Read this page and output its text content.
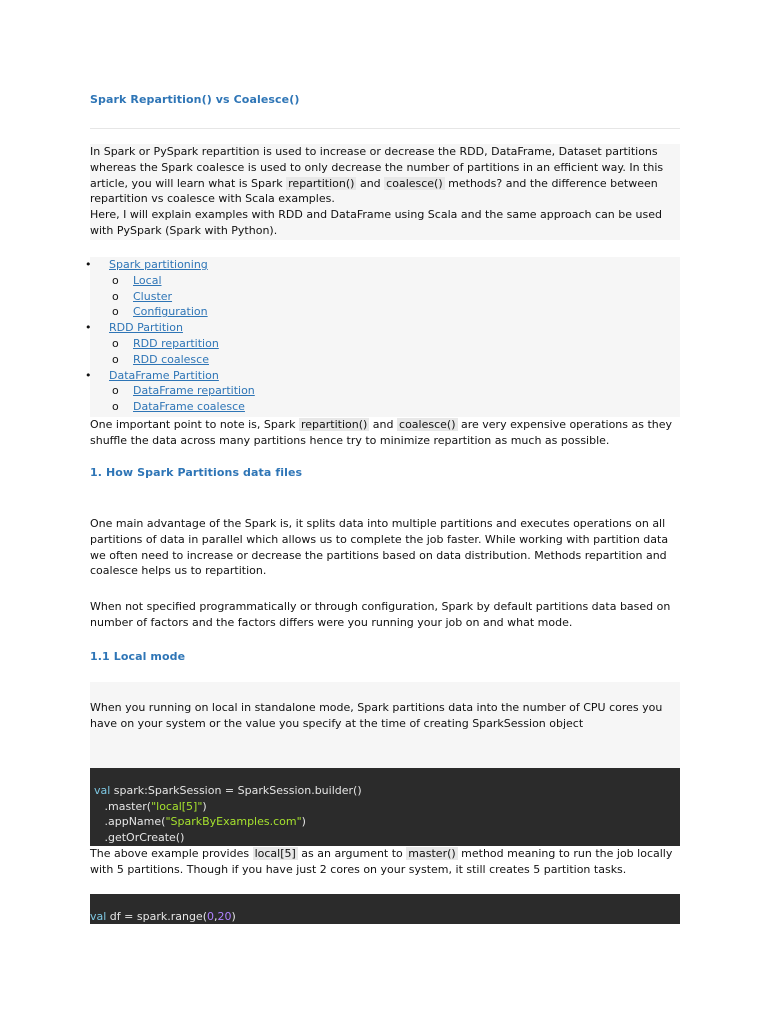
Spark Repartition() vs Coalesce()
In Spark or PySpark repartition is used to increase or decrease the RDD, DataFrame, Dataset partitions whereas the Spark coalesce is used to only decrease the number of partitions in an efficient way. In this article, you will learn what is Spark repartition() and coalesce() methods? and the difference between repartition vs coalesce with Scala examples.
Here, I will explain examples with RDD and DataFrame using Scala and the same approach can be used with PySpark (Spark with Python).
• Spark partitioning
o Local
o Cluster
o Configuration
• RDD Partition
o RDD repartition
o RDD coalesce
• DataFrame Partition
o DataFrame repartition
o DataFrame coalesce
One important point to note is, Spark repartition() and coalesce() are very expensive operations as they shuffle the data across many partitions hence try to minimize repartition as much as possible.
1. How Spark Partitions data files
One main advantage of the Spark is, it splits data into multiple partitions and executes operations on all partitions of data in parallel which allows us to complete the job faster. While working with partition data we often need to increase or decrease the partitions based on data distribution. Methods repartition and coalesce helps us to repartition.
When not specified programmatically or through configuration, Spark by default partitions data based on number of factors and the factors differs were you running your job on and what mode.
1.1 Local mode
When you running on local in standalone mode, Spark partitions data into the number of CPU cores you have on your system or the value you specify at the time of creating SparkSession object
val spark:SparkSession = SparkSession.builder()
.master("local[5]")
.appName("SparkByExamples.com")
.getOrCreate()
The above example provides local[5] as an argument to master() method meaning to run the job locally with 5 partitions. Though if you have just 2 cores on your system, it still creates 5 partition tasks.
val df = spark.range(0,20)
